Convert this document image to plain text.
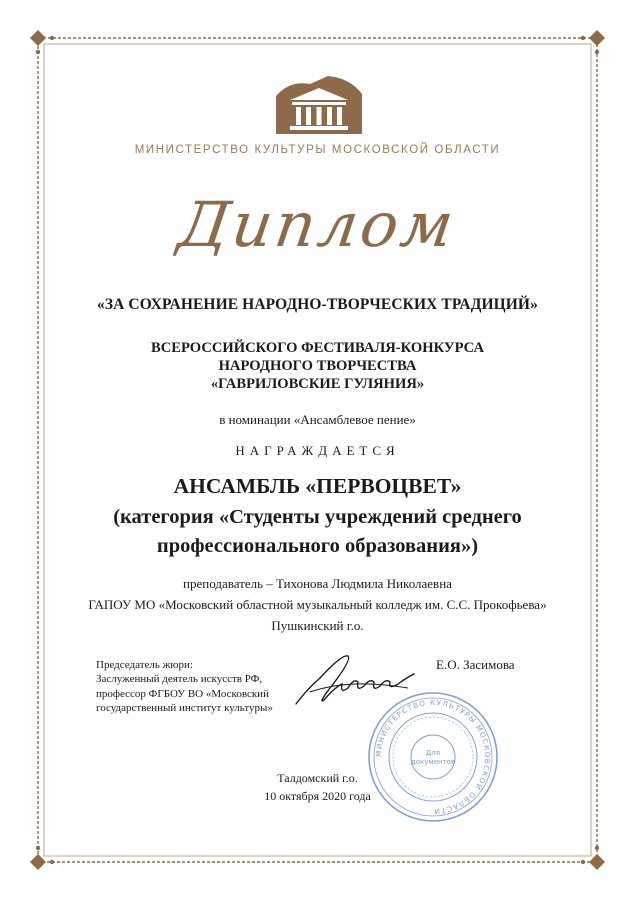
МИНИСТЕРСТВО КУЛЬТУРЫ МОСКОВСКОЙ ОБЛАСТИ
Диплом
«ЗА СОХРАНЕНИЕ НАРОДНО-ТВОРЧЕСКИХ ТРАДИЦИЙ»
ВСЕРОССИЙСКОГО ФЕСТИВАЛЯ-КОНКУРСА
НАРОДНОГО ТВОРЧЕСТВА
«ГАВРИЛОВСКИЕ ГУЛЯНИЯ»
в номинации «Ансамблевое пение»
НАГРАЖДАЕТСЯ
АНСАМБЛЬ «ПЕРВОЦВЕТ»
(категория «Студенты учреждений среднего
профессионального образования»)
преподаватель – Тихонова Людмила Николаевна
ГАПОУ МО «Московский областной музыкальный колледж им. С.С. Прокофьева»
Пушкинский г.о.
Председатель жюри:
Заслуженный деятель искусств РФ,
профессор ФГБОУ ВО «Московский
государственный институт культуры»
Е.О. Засимова
МИНИСТЕРСТВО КУЛЬТУРЫ МОСКОВСКОЙ ОБЛАСТИ
Для
документов
Талдомский г.о.
10 октября 2020 года
